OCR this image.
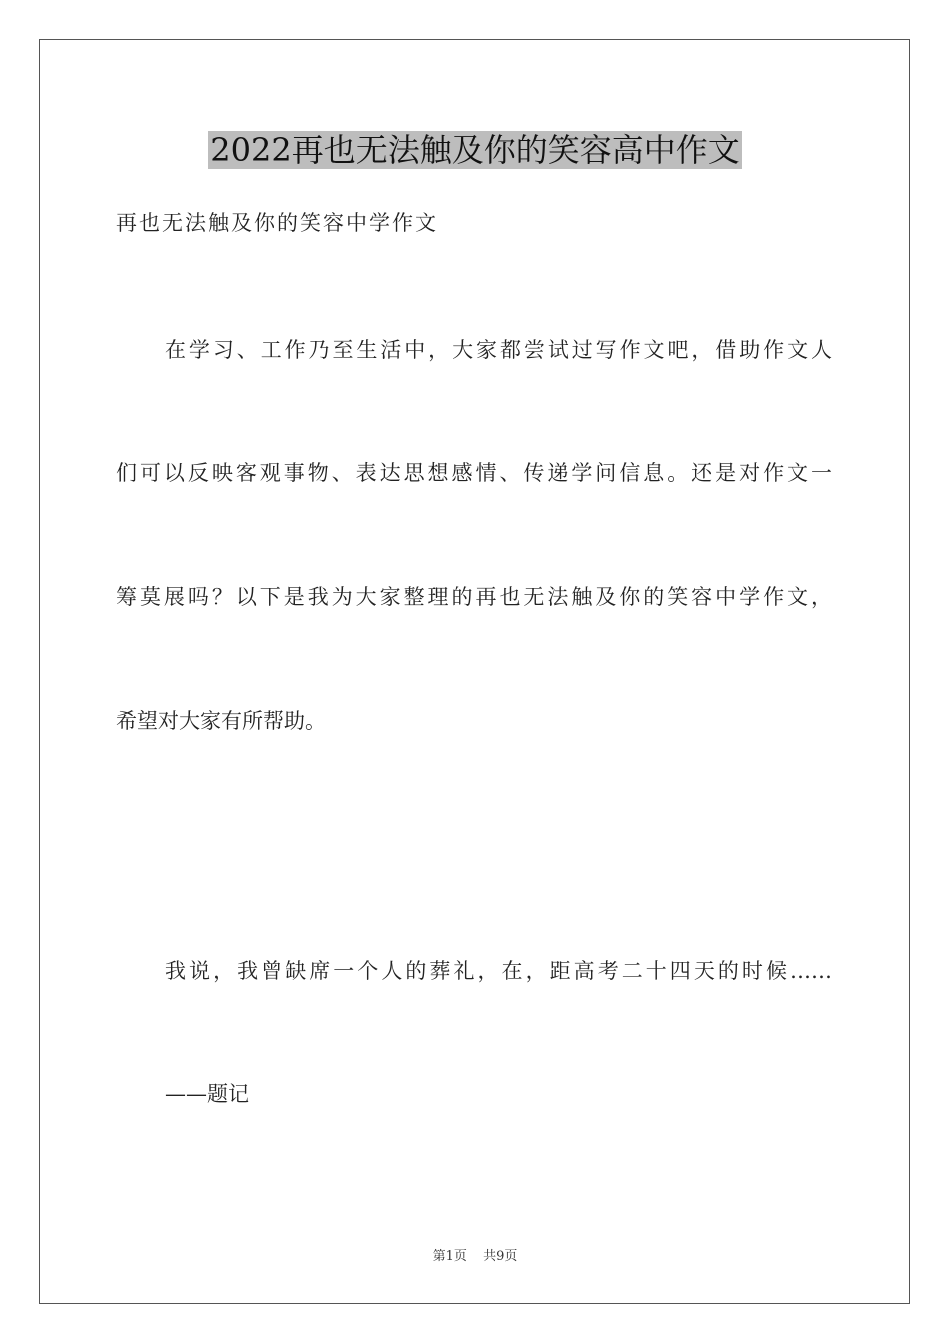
2022再也无法触及你的笑容高中作文
再也无法触及你的笑容中学作文
在学习、工作乃至生活中，大家都尝试过写作文吧，借助作文人
们可以反映客观事物、表达思想感情、传递学问信息。还是对作文一
筹莫展吗？以下是我为大家整理的再也无法触及你的笑容中学作文，
希望对大家有所帮助。
我说，我曾缺席一个人的葬礼，在，距高考二十四天的时候……
——题记
第1页 共9页
